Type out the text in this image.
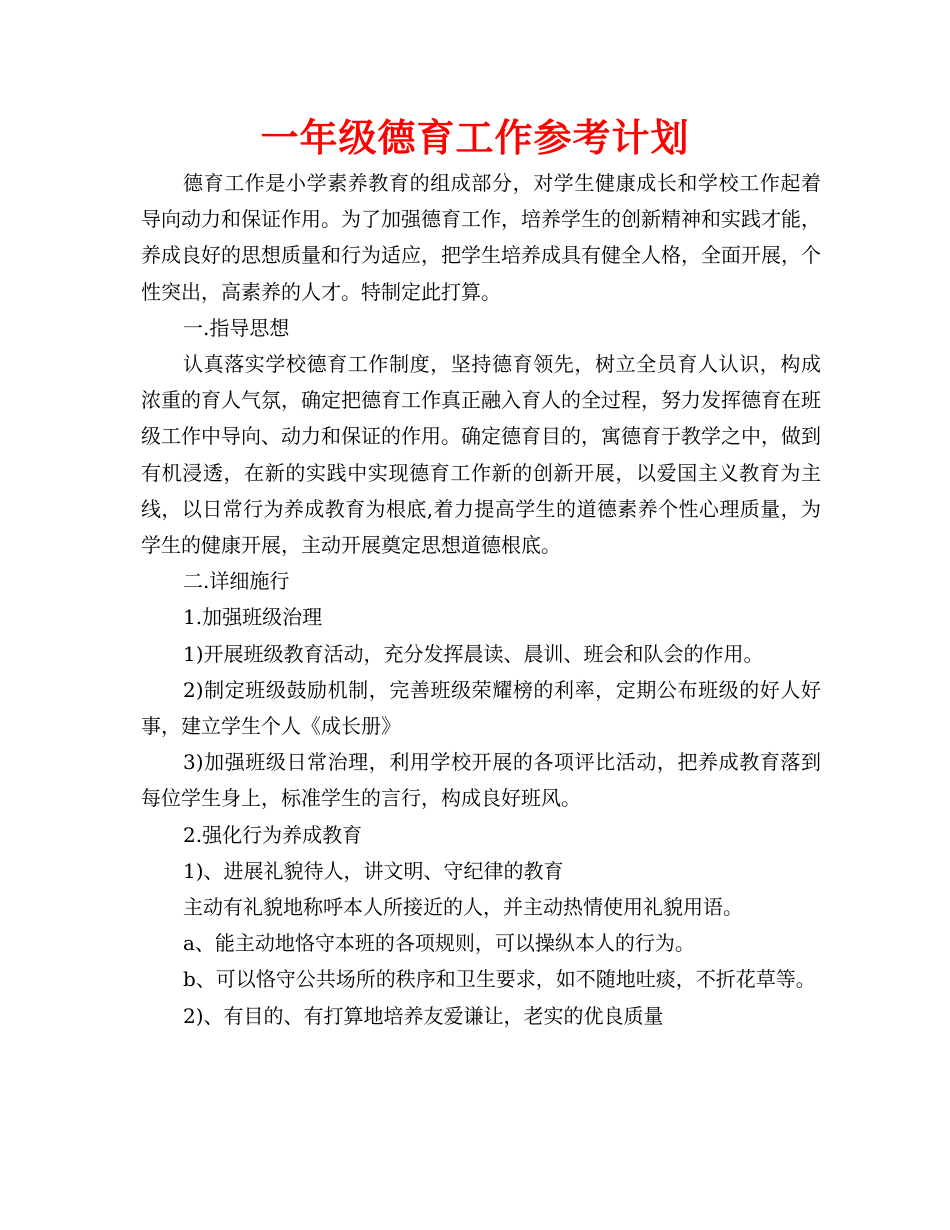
一年级德育工作参考计划

德育工作是小学素养教育的组成部分，对学生健康成长和学校工作起着导向动力和保证作用。为了加强德育工作，培养学生的创新精神和实践才能，养成良好的思想质量和行为适应，把学生培养成具有健全人格，全面开展，个性突出，高素养的人才。特制定此打算。

一.指导思想

认真落实学校德育工作制度，坚持德育领先，树立全员育人认识，构成浓重的育人气氛，确定把德育工作真正融入育人的全过程，努力发挥德育在班级工作中导向、动力和保证的作用。确定德育目的，寓德育于教学之中，做到有机浸透，在新的实践中实现德育工作新的创新开展，以爱国主义教育为主线，以日常行为养成教育为根底,着力提高学生的道德素养个性心理质量，为学生的健康开展，主动开展奠定思想道德根底。

二.详细施行

1.加强班级治理

1)开展班级教育活动，充分发挥晨读、晨训、班会和队会的作用。

2)制定班级鼓励机制，完善班级荣耀榜的利率，定期公布班级的好人好事，建立学生个人《成长册》

3)加强班级日常治理，利用学校开展的各项评比活动，把养成教育落到每位学生身上，标准学生的言行，构成良好班风。

2.强化行为养成教育

1)、进展礼貌待人，讲文明、守纪律的教育

主动有礼貌地称呼本人所接近的人，并主动热情使用礼貌用语。

a、能主动地恪守本班的各项规则，可以操纵本人的行为。

b、可以恪守公共场所的秩序和卫生要求，如不随地吐痰，不折花草等。

2)、有目的、有打算地培养友爱谦让，老实的优良质量
